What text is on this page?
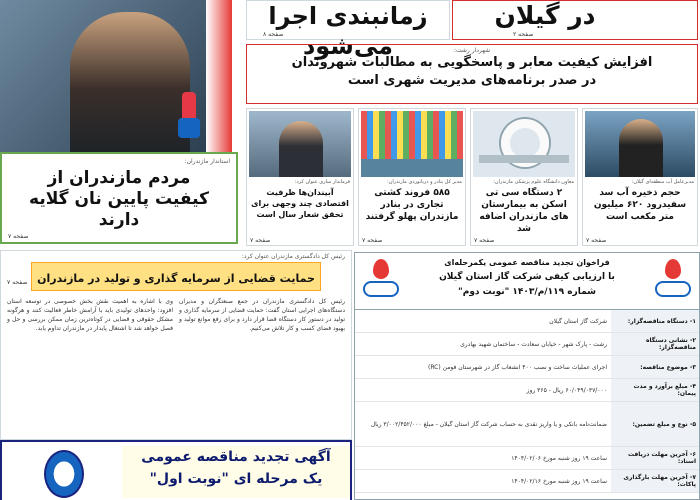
استاندار مازندران:
مردم مازندران از کیفیت پایین نان گلایه دارند
صفحه ۷
زمانبندی اجرا می‌شود
صفحه ۸
در گیلان
صفحه ۲
شهردار رشت:
افزایش کیفیت معابر و پاسخگویی به مطالبات شهروندان
در صدر برنامه‌های مدیریت شهری است
فرماندار ساری عنوان کرد:
آبیندان‌ها ظرفیت اقتصادی چند وجهی برای تحقق شعار سال است
صفحه ۷
مدیر کل بنادر و دریانوردی مازندران:
۵۸۵ فروند کشتی تجاری در بنادر مازندران پهلو گرفتند
صفحه ۷
معاون دانشگاه علوم پزشکی مازندران:
۲ دستگاه سی تی اسکن به بیمارستان های مازندران اضافه شد
صفحه ۷
مدیرعامل آب منطقه‌ای گیلان:
حجم ذخیره آب سد سفیدرود ۶۲۰ میلیون متر مکعب است
صفحه ۷
رئیس کل دادگستری مازندران عنوان کرد:
حمایت قضایی از سرمایه گذاری و تولید در مازندران
صفحه ۷
رئیس کل دادگستری مازندران در جمع صنعتگران و مدیران دستگاه‌های اجرایی استان گفت: حمایت قضایی از سرمایه گذاری و تولید در دستور کار دستگاه قضا قرار دارد و برای رفع موانع تولید و بهبود فضای کسب و کار تلاش می‌کنیم.
وی با اشاره به اهمیت نقش بخش خصوصی در توسعه استان افزود: واحدهای تولیدی باید با آرامش خاطر فعالیت کنند و هرگونه مشکل حقوقی و قضایی در کوتاه‌ترین زمان ممکن بررسی و حل و فصل خواهد شد تا اشتغال پایدار در مازندران تداوم یابد.
آگهی تجدید مناقصه عمومی
یک مرحله ای "نوبت اول"
فراخوان تجدید مناقصه عمومی یکمرحله‌ای
با ارزیابی کیفی شرکت گاز استان گیلان
شماره ۱۱۹/م/۱۴۰۳ "نوبت دوم"
۱- دستگاه مناقصه‌گزار:
شرکت گاز استان گیلان
۲- نشانی دستگاه مناقصه‌گزار:
رشت - پارک شهر - خیابان سعادت - ساختمان شهید بهادری
۳- موضوع مناقصه:
اجرای عملیات ساخت و نصب ۴۰۰ انشعاب گاز در شهرستان فومن (RC)
۴- مبلغ برآورد و مدت پیمان:
۶۰/۰۴۹/۰۳۷/۰۰۰ ریال - ۳۶۵ روز
۵- نوع و مبلغ تضمین:
ضمانت‌نامه بانکی و یا واریز نقدی به حساب شرکت گاز استان گیلان - مبلغ ۳/۰۰۲/۴۵۲/۰۰۰ ریال
۶- آخرین مهلت دریافت اسناد:
ساعت ۱۹ روز شنبه مورخ ۱۴۰۴/۰۲/۰۶
۷- آخرین مهلت بارگذاری پاکات:
ساعت ۱۹ روز شنبه مورخ ۱۴۰۴/۰۲/۱۶
